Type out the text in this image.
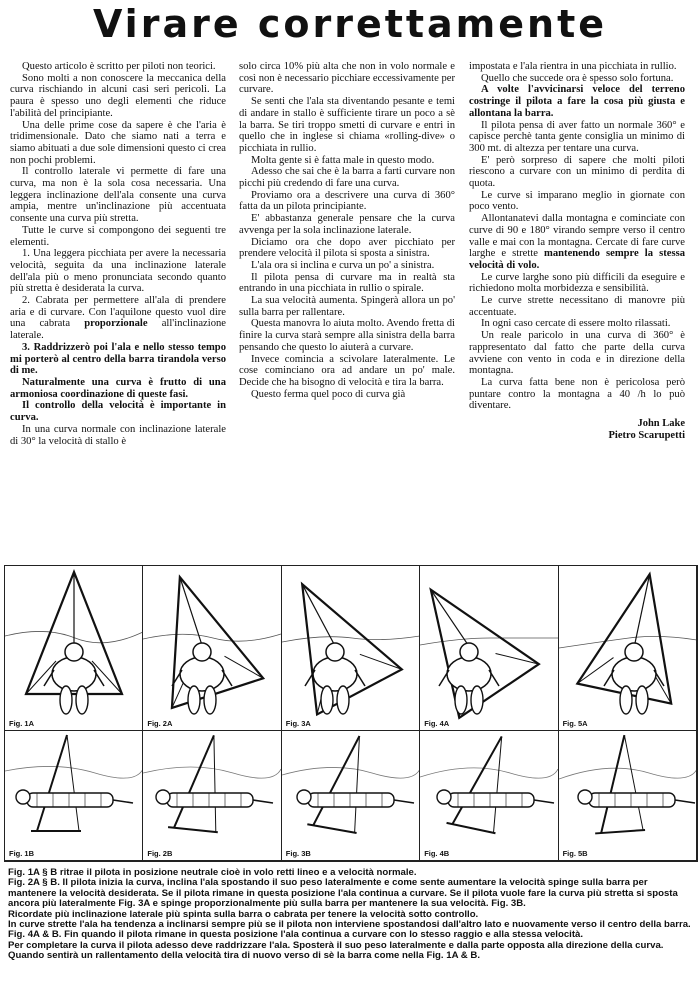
Virare correttamente

Questo articolo è scritto per piloti non teorici.

Sono molti a non conoscere la meccanica della curva rischiando in alcuni casi seri pericoli. La paura è spesso uno degli elementi che riduce l'abilità del principiante.

Una delle prime cose da sapere è che l'aria è tridimensionale. Dato che siamo nati a terra e siamo abituati a due sole dimensioni questo ci crea non pochi problemi.

Il controllo laterale vi permette di fare una curva, ma non è la sola cosa necessaria. Una leggera inclinazione dell'ala consente una curva ampia, mentre un'inclinazione più accentuata consente una curva più stretta.

Tutte le curve si compongono dei seguenti tre elementi.

1. Una leggera picchiata per avere la necessaria velocità, seguita da una inclinazione laterale dell'ala più o meno pronunciata secondo quanto più stretta è desiderata la curva.

2. Cabrata per permettere all'ala di prendere aria e di curvare. Con l'aquilone questo vuol dire una cabrata proporzionale all'inclinazione laterale.

3. Raddrizzerò poi l'ala e nello stesso tempo mi porterò al centro della barra tirandola verso di me.

Naturalmente una curva è frutto di una armoniosa coordinazione di queste fasi.

Il controllo della velocità è importante in curva.

In una curva normale con inclinazione laterale di 30° la velocità di stallo è

solo circa 10% più alta che non in volo normale e così non è necessario picchiare eccessivamente per curvare.

Se senti che l'ala sta diventando pesante e temi di andare in stallo è sufficiente tirare un poco a sè la barra. Se tiri troppo smetti di curvare e entri in quello che in inglese si chiama «rolling-dive» o picchiata in rullio.

Molta gente si è fatta male in questo modo.

Adesso che sai che è la barra a farti curvare non picchi più credendo di fare una curva.

Proviamo ora a descrivere una curva di 360° fatta da un pilota principiante.

E' abbastanza generale pensare che la curva avvenga per la sola inclinazione laterale.

Diciamo ora che dopo aver picchiato per prendere velocità il pilota si sposta a sinistra.

L'ala ora si inclina e curva un po' a sinistra.

Il pilota pensa di curvare ma in realtà sta entrando in una picchiata in rullio o spirale.

La sua velocità aumenta. Spingerà allora un po' sulla barra per rallentare.

Questa manovra lo aiuta molto. Avendo fretta di finire la curva starà sempre alla sinistra della barra pensando che questo lo aiuterà a curvare.

Invece comincia a scivolare lateralmente. Le cose cominciano ora ad andare un po' male. Decide che ha bisogno di velocità e tira la barra.

Questo ferma quel poco di curva già

impostata e l'ala rientra in una picchiata in rullio.

Quello che succede ora è spesso solo fortuna.

A volte l'avvicinarsi veloce del terreno costringe il pilota a fare la cosa più giusta e allontana la barra.

Il pilota pensa di aver fatto un normale 360° e capisce perchè tanta gente consiglia un minimo di 300 mt. di altezza per tentare una curva.

E' però sorpreso di sapere che molti piloti riescono a curvare con un minimo di perdita di quota.

Le curve si imparano meglio in giornate con poco vento.

Allontanatevi dalla montagna e cominciate con curve di 90 e 180° virando sempre verso il centro valle e mai con la montagna. Cercate di fare curve larghe e strette mantenendo sempre la stessa velocità di volo.

Le curve larghe sono più difficili da eseguire e richiedono molta morbidezza e sensibilità.

Le curve strette necessitano di manovre più accentuate.

In ogni caso cercate di essere molto rilassati.

Un reale paricolo in una curva di 360° è rappresentato dal fatto che parte della curva avviene con vento in coda e in direzione della montagna.

La curva fatta bene non è pericolosa però puntare contro la montagna a 40 /h lo può diventare.

John Lake

Pietro Scarupetti

Fig. 1A	Fig. 2A	Fig. 3A	Fig. 4A	Fig. 5A
Fig. 1B	Fig. 2B	Fig. 3B	Fig. 4B	Fig. 5B

Fig. 1A § B ritrae il pilota in posizione neutrale cioè in volo retti lineo e a velocità normale.

Fig. 2A § B. Il pilota inizia la curva, inclina l'ala spostando il suo peso lateralmente e come sente aumentare la velocità spinge sulla barra per mantenere la velocità desiderata. Se il pilota rimane in questa posizione l'ala continua a curvare. Se il pilota vuole fare la curva più stretta si sposta ancora più lateralmente Fig. 3A e spinge proporzionalmente più sulla barra per mantenere la sua velocità. Fig. 3B.

Ricordate più inclinazione laterale più spinta sulla barra o cabrata per tenere la velocità sotto controllo.

In curve strette l'ala ha tendenza a inclinarsi sempre più se il pilota non interviene spostandosi dall'altro lato e nuovamente verso il centro della barra. Fig. 4A & B. Fin quando il pilota rimane in questa posizione l'ala continua a curvare con lo stesso raggio e alla stessa velocità.

Per completare la curva il pilota adesso deve raddrizzare l'ala. Sposterà il suo peso lateralmente e dalla parte opposta alla direzione della curva. Quando sentirà un rallentamento della velocità tira di nuovo verso di sè la barra come nella Fig. 1A & B.
